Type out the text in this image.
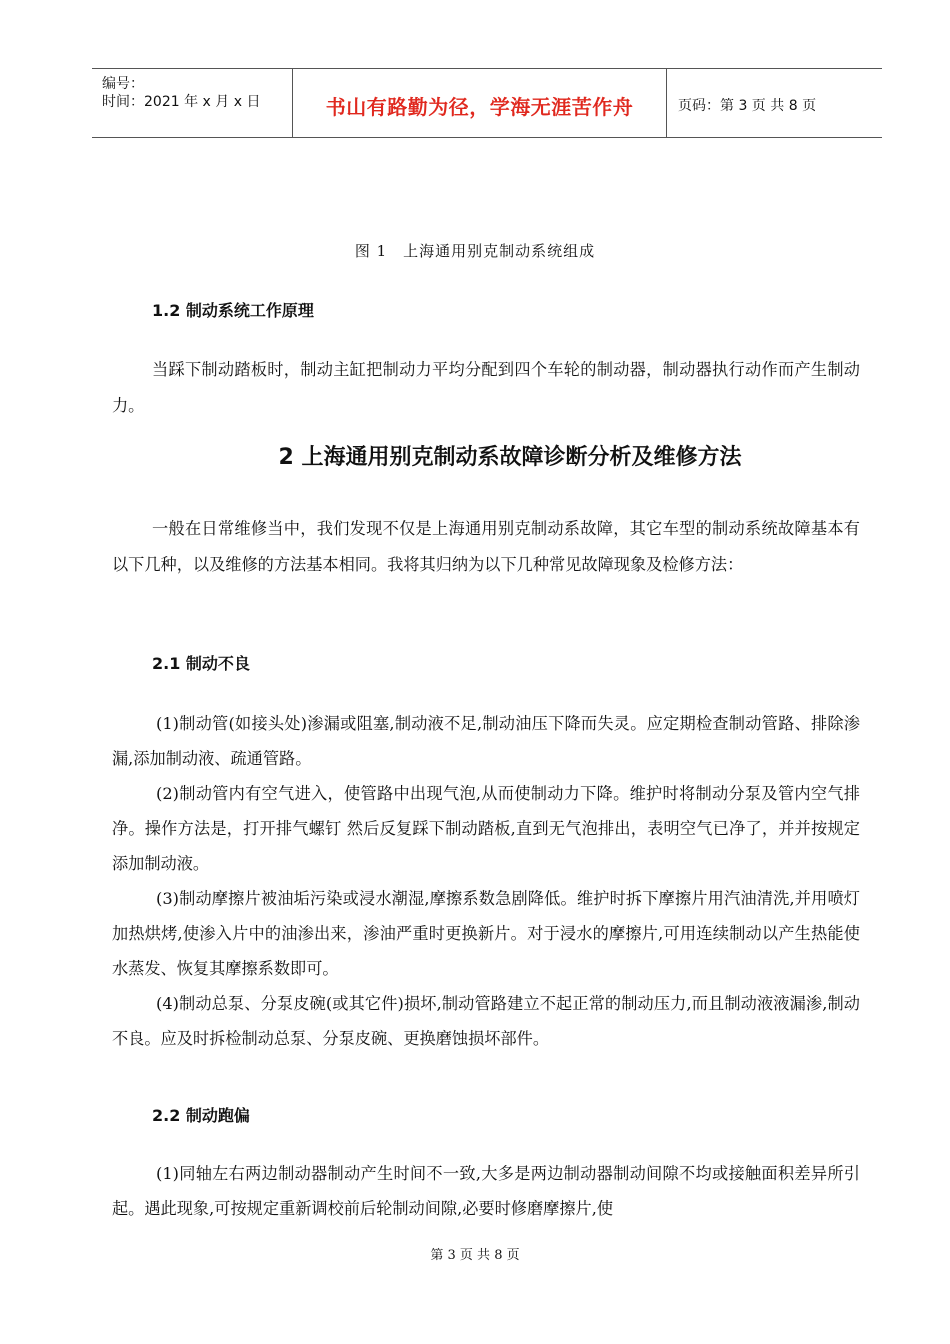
编号：
时间：2021 年 x 月 x 日	书山有路勤为径，学海无涯苦作舟	页码：第 3 页 共 8 页
图 1　上海通用别克制动系统组成
1.2 制动系统工作原理

当踩下制动踏板时，制动主缸把制动力平均分配到四个车轮的制动器，制动器执行动作而产生制动力。

2 上海通用别克制动系故障诊断分析及维修方法

一般在日常维修当中，我们发现不仅是上海通用别克制动系故障，其它车型的制动系统故障基本有以下几种，以及维修的方法基本相同。我将其归纳为以下几种常见故障现象及检修方法：

2.1 制动不良

(1)制动管(如接头处)渗漏或阻塞,制动液不足,制动油压下降而失灵。应定期检查制动管路、排除渗漏,添加制动液、疏通管路。

(2)制动管内有空气进入，使管路中出现气泡,从而使制动力下降。维护时将制动分泵及管内空气排净。操作方法是，打开排气螺钉 然后反复踩下制动踏板,直到无气泡排出，表明空气已净了，并并按规定添加制动液。

(3)制动摩擦片被油垢污染或浸水潮湿,摩擦系数急剧降低。维护时拆下摩擦片用汽油清洗,并用喷灯加热烘烤,使渗入片中的油渗出来，渗油严重时更换新片。对于浸水的摩擦片,可用连续制动以产生热能使水蒸发、恢复其摩擦系数即可。

(4)制动总泵、分泵皮碗(或其它件)损坏,制动管路建立不起正常的制动压力,而且制动液液漏渗,制动不良。应及时拆检制动总泵、分泵皮碗、更换磨蚀损坏部件。

2.2 制动跑偏

(1)同轴左右两边制动器制动产生时间不一致,大多是两边制动器制动间隙不均或接触面积差异所引起。遇此现象,可按规定重新调校前后轮制动间隙,必要时修磨摩擦片,使

第 3 页 共 8 页
